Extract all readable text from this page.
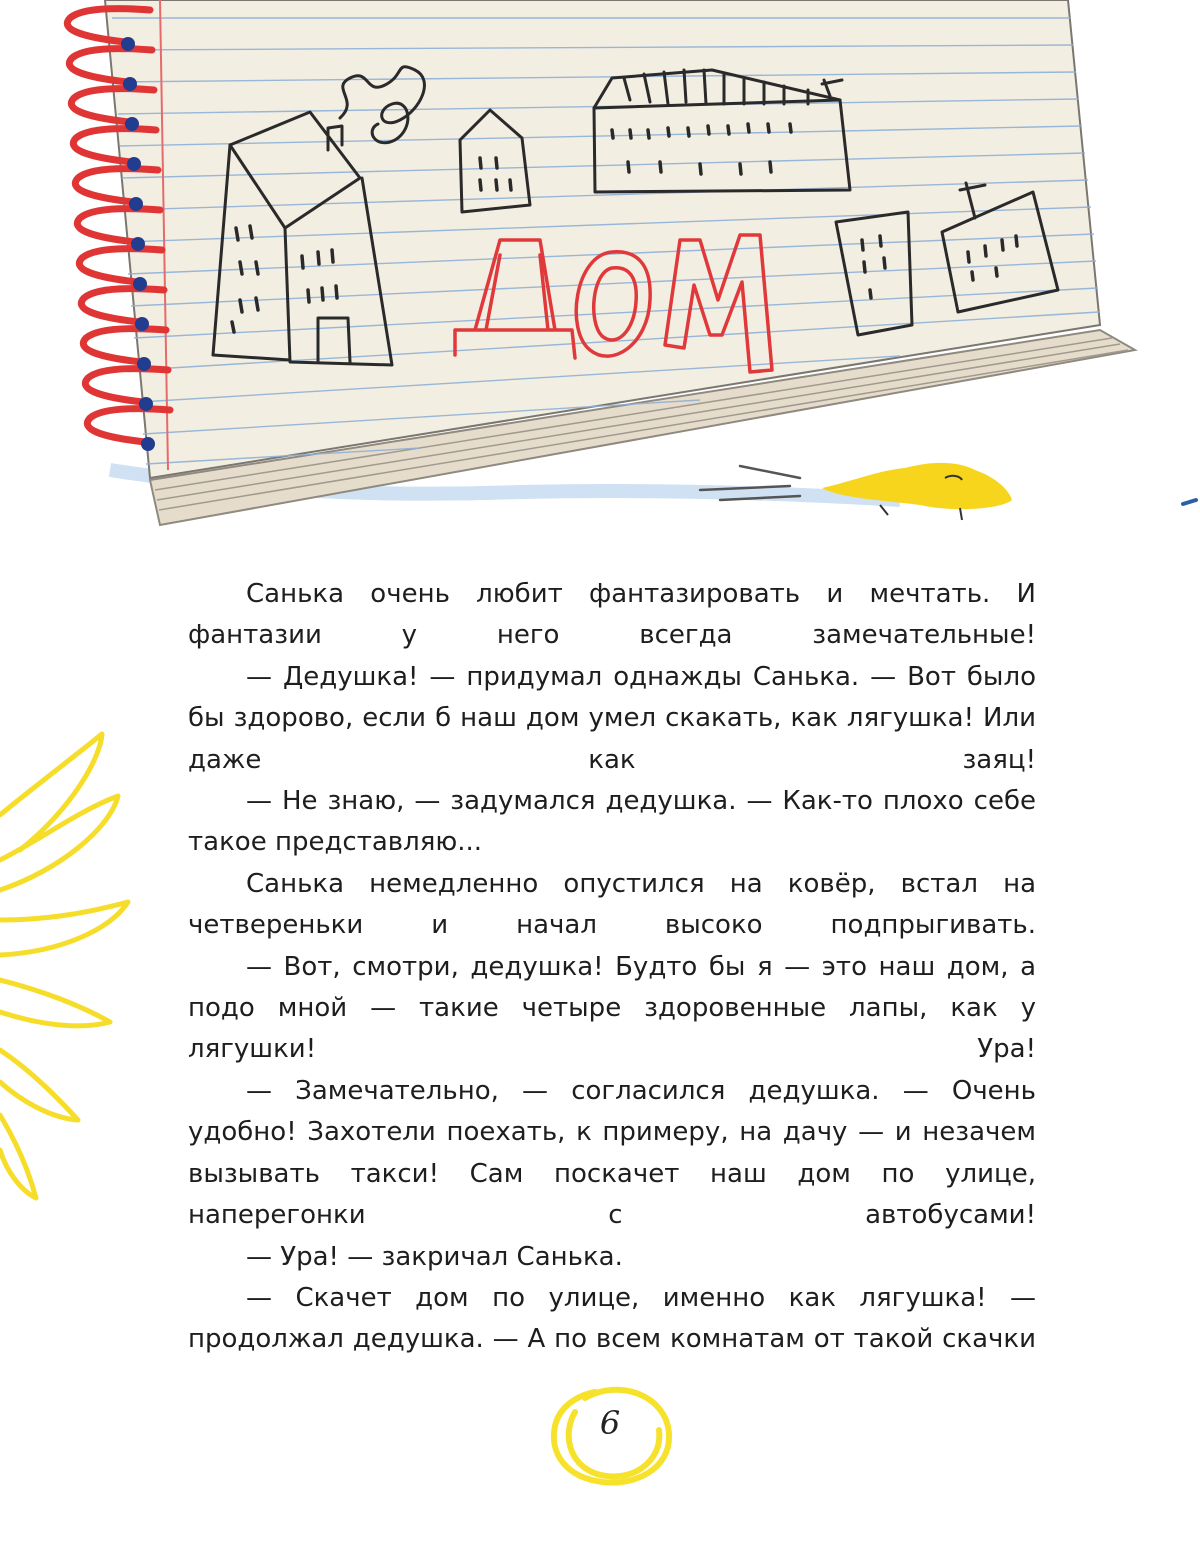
Санька очень любит фантазировать и мечтать. И фантазии у него всегда замечательные!

— Дедушка! — придумал однажды Санька. — Вот было бы здорово, если б наш дом умел скакать, как лягушка! Или даже как заяц!

— Не знаю, — задумался дедушка. — Как-то плохо себе такое представляю...

Санька немедленно опустился на ковёр, встал на четвереньки и начал высоко подпрыгивать.

— Вот, смотри, дедушка! Будто бы я — это наш дом, а подо мной — такие четыре здоровенные лапы, как у лягушки! Ура!

— Замечательно, — согласился дедушка. — Очень удобно! Захотели поехать, к примеру, на дачу — и незачем вызывать такси! Сам поскачет наш дом по улице, наперегонки с автобусами!

— Ура! — закричал Санька.

— Скачет дом по улице, именно как лягушка! — продолжал дедушка. — А по всем комнатам от такой скачки

6
